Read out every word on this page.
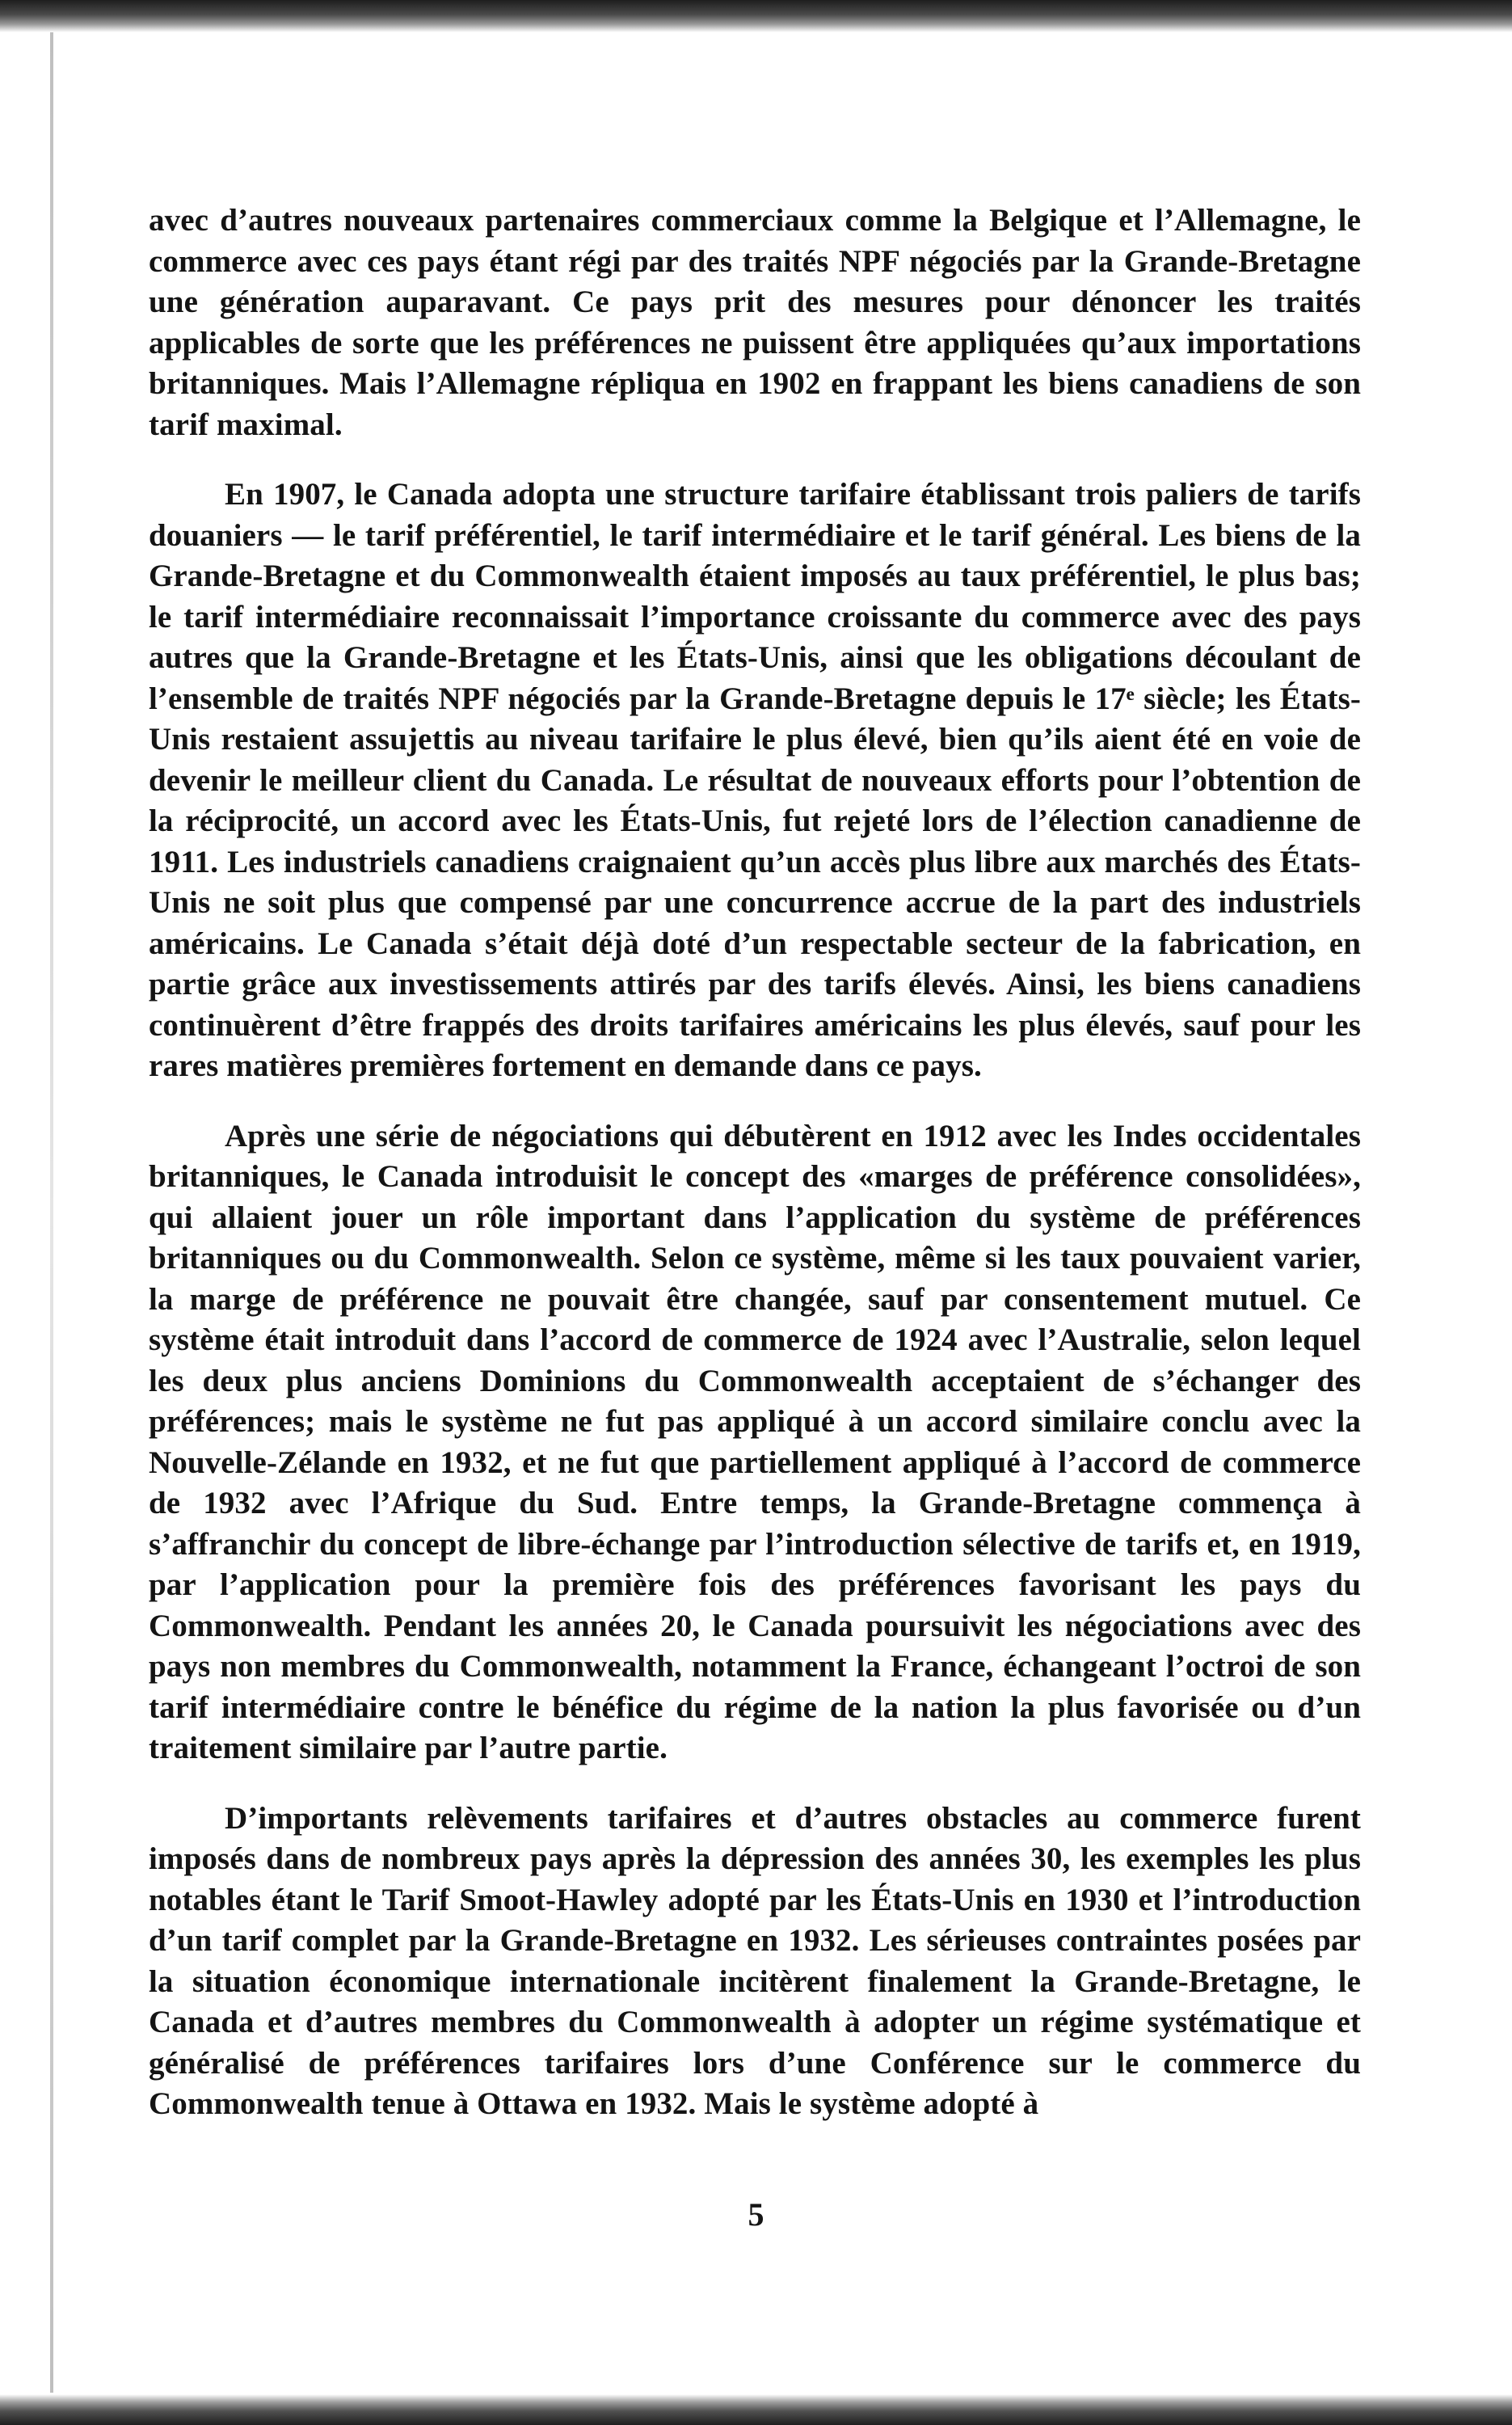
avec d’autres nouveaux partenaires commerciaux comme la Belgique et l’Allemagne, le commerce avec ces pays étant régi par des traités NPF négociés par la Grande-Bretagne une génération auparavant. Ce pays prit des mesures pour dénoncer les traités applicables de sorte que les préférences ne puissent être appliquées qu’aux importations britanniques. Mais l’Allemagne répliqua en 1902 en frappant les biens canadiens de son tarif maximal.

En 1907, le Canada adopta une structure tarifaire établissant trois paliers de tarifs douaniers — le tarif préférentiel, le tarif intermédiaire et le tarif général. Les biens de la Grande-Bretagne et du Commonwealth étaient imposés au taux préférentiel, le plus bas; le tarif intermédiaire reconnaissait l’importance croissante du commerce avec des pays autres que la Grande-Bretagne et les États-Unis, ainsi que les obligations découlant de l’ensemble de traités NPF négociés par la Grande-Bretagne depuis le 17ᵉ siècle; les États-Unis restaient assujettis au niveau tarifaire le plus élevé, bien qu’ils aient été en voie de devenir le meilleur client du Canada. Le résultat de nouveaux efforts pour l’obtention de la réciprocité, un accord avec les États-Unis, fut rejeté lors de l’élection canadienne de 1911. Les industriels canadiens craignaient qu’un accès plus libre aux marchés des États-Unis ne soit plus que compensé par une concurrence accrue de la part des industriels américains. Le Canada s’était déjà doté d’un respectable secteur de la fabrication, en partie grâce aux investissements attirés par des tarifs élevés. Ainsi, les biens canadiens continuèrent d’être frappés des droits tarifaires américains les plus élevés, sauf pour les rares matières premières fortement en demande dans ce pays.

Après une série de négociations qui débutèrent en 1912 avec les Indes occidentales britanniques, le Canada introduisit le concept des «marges de préférence consolidées», qui allaient jouer un rôle important dans l’application du système de préférences britanniques ou du Commonwealth. Selon ce système, même si les taux pouvaient varier, la marge de préférence ne pouvait être changée, sauf par consentement mutuel. Ce système était introduit dans l’accord de commerce de 1924 avec l’Australie, selon lequel les deux plus anciens Dominions du Commonwealth acceptaient de s’échanger des préférences; mais le système ne fut pas appliqué à un accord similaire conclu avec la Nouvelle-Zélande en 1932, et ne fut que partiellement appliqué à l’accord de commerce de 1932 avec l’Afrique du Sud. Entre temps, la Grande-Bretagne commença à s’affranchir du concept de libre-échange par l’introduction sélective de tarifs et, en 1919, par l’application pour la première fois des préférences favorisant les pays du Commonwealth. Pendant les années 20, le Canada poursuivit les négociations avec des pays non membres du Commonwealth, notamment la France, échangeant l’octroi de son tarif intermédiaire contre le bénéfice du régime de la nation la plus favorisée ou d’un traitement similaire par l’autre partie.

D’importants relèvements tarifaires et d’autres obstacles au commerce furent imposés dans de nombreux pays après la dépression des années 30, les exemples les plus notables étant le Tarif Smoot-Hawley adopté par les États-Unis en 1930 et l’introduction d’un tarif complet par la Grande-Bretagne en 1932. Les sérieuses contraintes posées par la situation économique internationale incitèrent finalement la Grande-Bretagne, le Canada et d’autres membres du Commonwealth à adopter un régime systématique et généralisé de préférences tarifaires lors d’une Conférence sur le commerce du Commonwealth tenue à Ottawa en 1932. Mais le système adopté à

5
